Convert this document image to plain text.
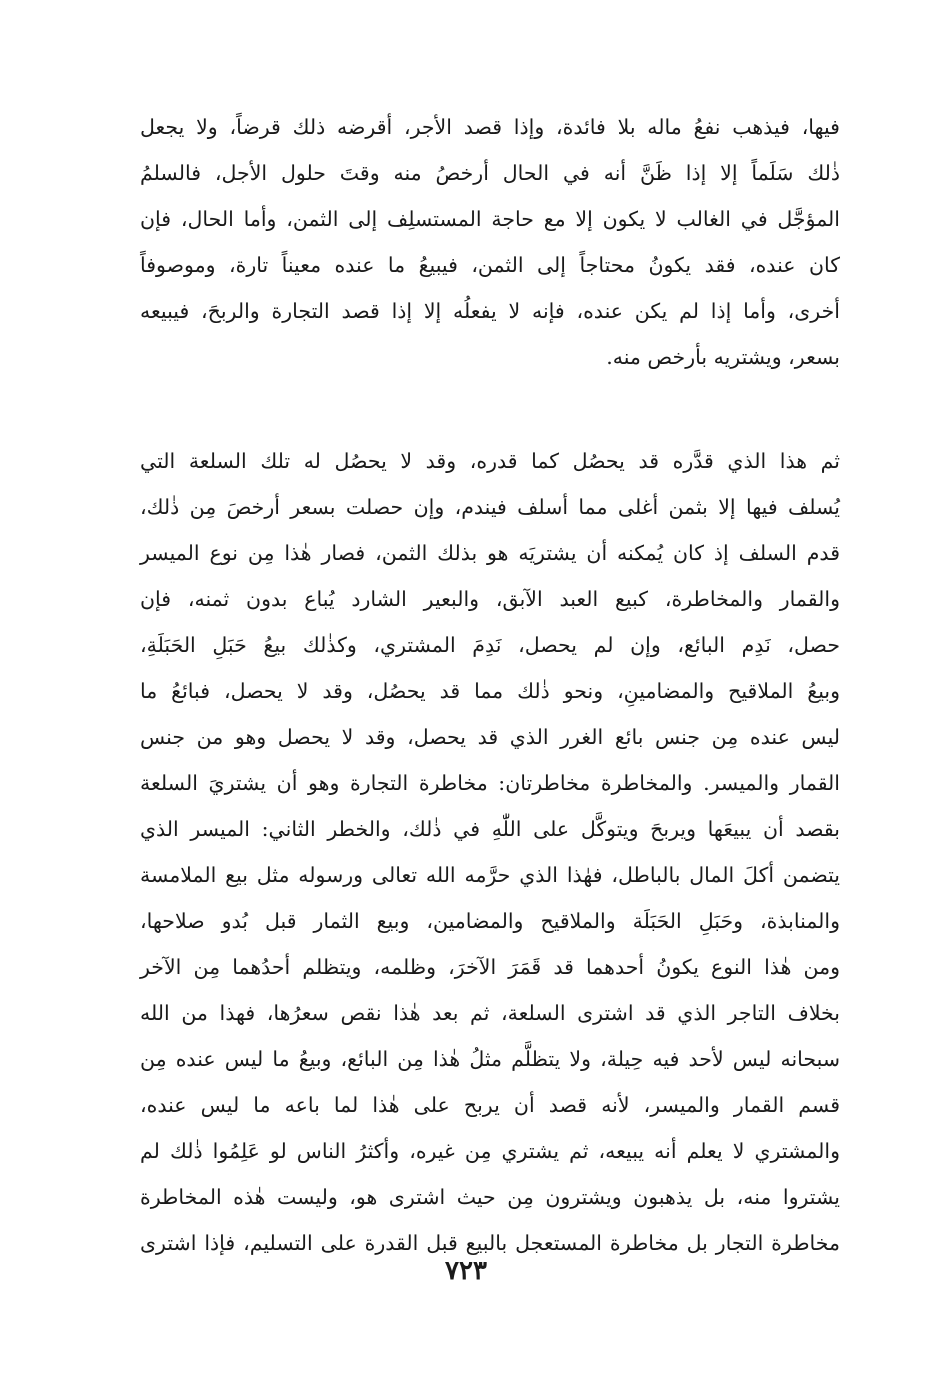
فيها، فيذهب نفعُ ماله بلا فائدة، وإذا قصد الأجر، أقرضه ذلك قرضاً، ولا يجعل
ذٰلك سَلَماً إلا إذا ظَنَّ أنه في الحال أرخصُ منه وقتَ حلول الأجل، فالسلمُ
المؤجَّل في الغالب لا يكون إلا مع حاجة المستسلِف إلى الثمن، وأما الحال، فإن
كان عنده، فقد يكونُ محتاجاً إلى الثمن، فيبيعُ ما عنده معيناً تارة، وموصوفاً
أخرى، وأما إذا لم يكن عنده، فإنه لا يفعلُه إلا إذا قصد التجارة والربحَ، فيبيعه
بسعر، ويشتريه بأرخص منه.
ثم هذا الذي قدَّره قد يحصُل كما قدره، وقد لا يحصُل له تلك السلعة التي
يُسلف فيها إلا بثمن أغلى مما أسلف فيندم، وإن حصلت بسعر أرخصَ مِن ذٰلك،
قدم السلف إذ كان يُمكنه أن يشتريَه هو بذلك الثمن، فصار هٰذا مِن نوع الميسر
والقمار والمخاطرة، كبيع العبد الآبق، والبعير الشارد يُباع بدون ثمنه، فإن
حصل، نَدِم البائع، وإن لم يحصل، نَدِمَ المشتري، وكذٰلك بيعُ حَبَلِ الحَبَلَةِ،
وبيعُ الملاقيح والمضامينِ، ونحو ذٰلك مما قد يحصُل، وقد لا يحصل، فبائعُ ما
ليس عنده مِن جنس بائع الغرر الذي قد يحصل، وقد لا يحصل وهو من جنس
القمار والميسر. والمخاطرة مخاطرتان: مخاطرة التجارة وهو أن يشتريَ السلعة
بقصد أن يبيعَها ويربحَ ويتوكَّل على اللّٰهِ في ذٰلك، والخطر الثاني: الميسر الذي
يتضمن أكلَ المال بالباطل، فهٰذا الذي حرَّمه الله تعالى ورسوله مثل بيع الملامسة
والمنابذة، وحَبَلِ الحَبَلَة والملاقيح والمضامين، وبيع الثمار قبل بُدو صلاحها،
ومن هٰذا النوع يكونُ أحدهما قد قَمَرَ الآخرَ، وظلمه، ويتظلم أحدُهما مِن الآخر
بخلاف التاجر الذي قد اشترى السلعة، ثم بعد هٰذا نقص سعرُها، فهذا من الله
سبحانه ليس لأحد فيه حِيلة، ولا يتظلَّم مثلُ هٰذا مِن البائع، وبيعُ ما ليس عنده مِن
قسم القمار والميسر، لأنه قصد أن يربح على هٰذا لما باعه ما ليس عنده،
والمشتري لا يعلم أنه يبيعه، ثم يشتري مِن غيره، وأكثرُ الناس لو عَلِمُوا ذٰلك لم
يشتروا منه، بل يذهبون ويشترون مِن حيث اشترى هو، وليست هٰذه المخاطرة
مخاطرة التجار بل مخاطرة المستعجل بالبيع قبل القدرة على التسليم، فإذا اشترى
٧٢٣
